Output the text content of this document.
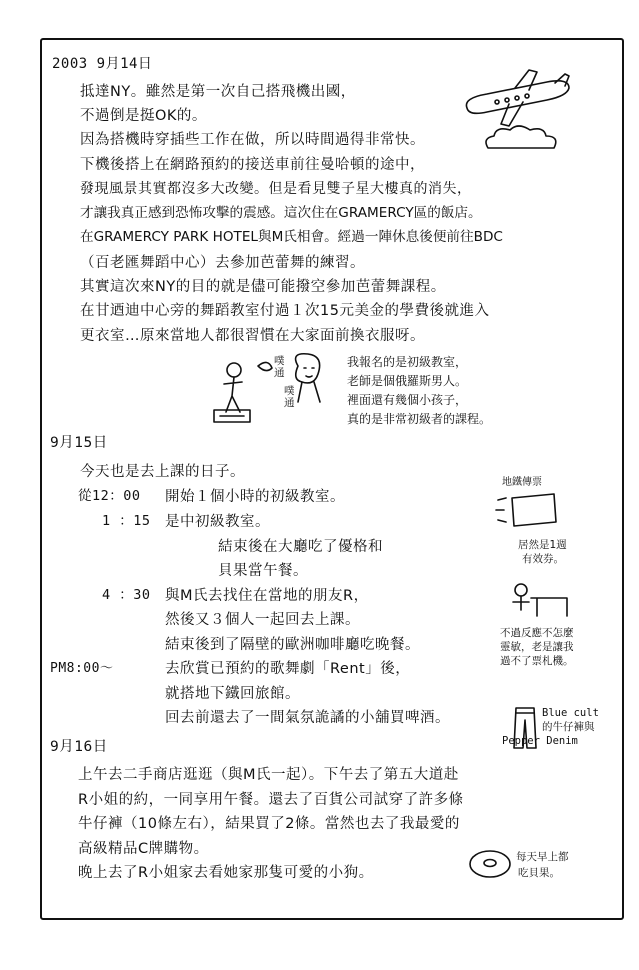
2003 9月14日
抵達NY。雖然是第一次自己搭飛機出國，
不過倒是挺OK的。
因為搭機時穿插些工作在做，所以時間過得非常快。
下機後搭上在網路預約的接送車前往曼哈頓的途中，
發現風景其實都沒多大改變。但是看見雙子星大樓真的消失，
才讓我真正感到恐怖攻擊的震感。這次住在GRAMERCY區的飯店。
在GRAMERCY PARK HOTEL與M氏相會。經過一陣休息後便前往BDC
（百老匯舞蹈中心）去參加芭蕾舞的練習。
其實這次來NY的目的就是儘可能撥空參加芭蕾舞課程。
在甘迺迪中心旁的舞蹈教室付過１次15元美金的學費後就進入
更衣室…原來當地人都很習慣在大家面前換衣服呀。
噗
通
噗
通
我報名的是初級教室，
老師是個俄羅斯男人。
裡面還有幾個小孩子，
真的是非常初級者的課程。
9月15日
今天也是去上課的日子。
從12：00 開始１個小時的初級教室。
1 ：15 是中初級教室。
結束後在大廳吃了優格和
貝果當午餐。
4 ：30 與M氏去找住在當地的朋友R，
然後又３個人一起回去上課。
結束後到了隔壁的歐洲咖啡廳吃晚餐。
PM8:00～	去欣賞已預約的歌舞劇「Rent」後，
就搭地下鐵回旅館。
回去前還去了一間氣氛詭譎的小舖買啤酒。
地鐵傳票
居然是1週
有效券。
不過反應不怎麼
靈敏，老是讓我
過不了票札機。
Blue cult
的牛仔褲與
Pepper Denim
9月16日
上午去二手商店逛逛（與M氏一起）。下午去了第五大道赴
R小姐的約，一同享用午餐。還去了百貨公司試穿了許多條
牛仔褲（10條左右），結果買了2條。當然也去了我最愛的
高級精品C牌購物。
晚上去了R小姐家去看她家那隻可愛的小狗。
每天早上都
吃貝果。
